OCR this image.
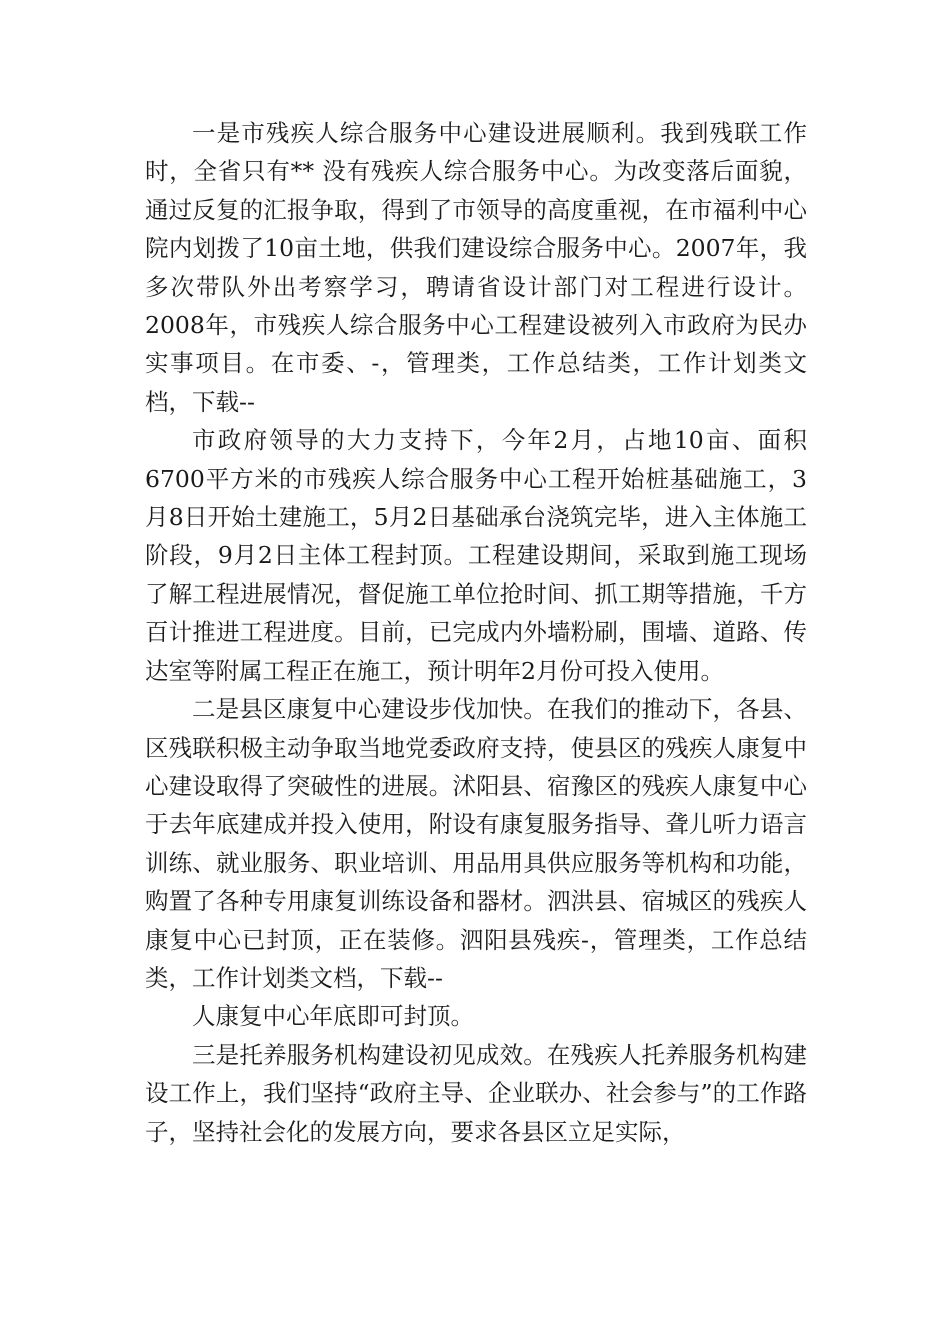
一是市残疾人综合服务中心建设进展顺利。我到残联工作时，全省只有** 没有残疾人综合服务中心。为改变落后面貌，通过反复的汇报争取，得到了市领导的高度重视，在市福利中心院内划拨了10亩土地，供我们建设综合服务中心。2007年，我多次带队外出考察学习，聘请省设计部门对工程进行设计。2008年，市残疾人综合服务中心工程建设被列入市政府为民办实事项目。在市委、-，管理类，工作总结类，工作计划类文档，下载--

市政府领导的大力支持下，今年2月，占地10亩、面积6700平方米的市残疾人综合服务中心工程开始桩基础施工，3月8日开始土建施工，5月2日基础承台浇筑完毕，进入主体施工阶段，9月2日主体工程封顶。工程建设期间，采取到施工现场了解工程进展情况，督促施工单位抢时间、抓工期等措施，千方百计推进工程进度。目前，已完成内外墙粉刷，围墙、道路、传达室等附属工程正在施工，预计明年2月份可投入使用。

二是县区康复中心建设步伐加快。在我们的推动下，各县、区残联积极主动争取当地党委政府支持，使县区的残疾人康复中心建设取得了突破性的进展。沭阳县、宿豫区的残疾人康复中心于去年底建成并投入使用，附设有康复服务指导、聋儿听力语言训练、就业服务、职业培训、用品用具供应服务等机构和功能，购置了各种专用康复训练设备和器材。泗洪县、宿城区的残疾人康复中心已封顶，正在装修。泗阳县残疾-，管理类，工作总结类，工作计划类文档，下载--

人康复中心年底即可封顶。

三是托养服务机构建设初见成效。在残疾人托养服务机构建设工作上，我们坚持“政府主导、企业联办、社会参与”的工作路子，坚持社会化的发展方向，要求各县区立足实际，
